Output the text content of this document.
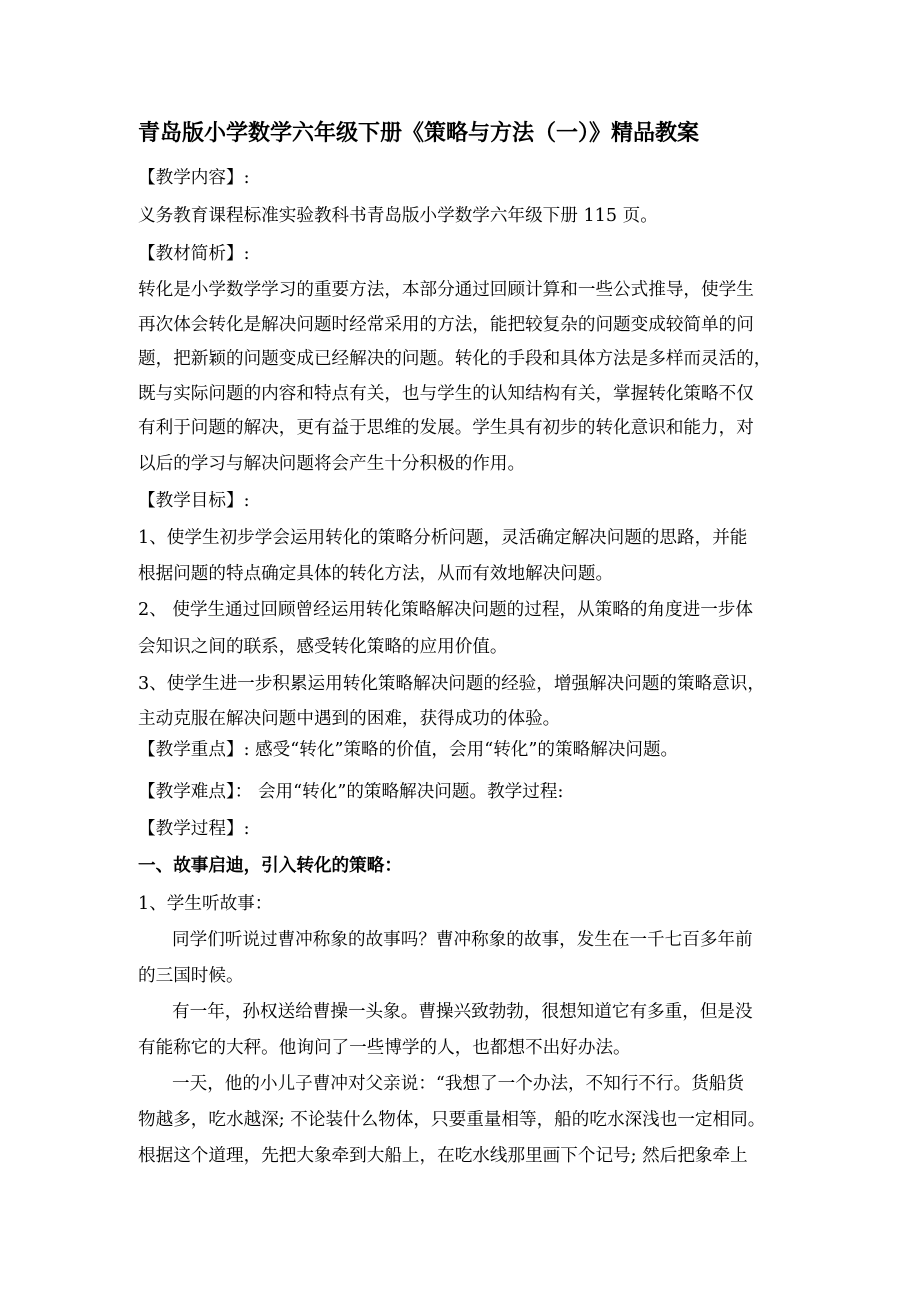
青岛版小学数学六年级下册《策略与方法（一）》精品教案
【教学内容】:
义务教育课程标准实验教科书青岛版小学数学六年级下册 115 页。
【教材简析】:
转化是小学数学学习的重要方法，本部分通过回顾计算和一些公式推导，使学生
再次体会转化是解决问题时经常采用的方法，能把较复杂的问题变成较简单的问
题，把新颖的问题变成已经解决的问题。转化的手段和具体方法是多样而灵活的，
既与实际问题的内容和特点有关，也与学生的认知结构有关，掌握转化策略不仅
有利于问题的解决，更有益于思维的发展。学生具有初步的转化意识和能力，对
以后的学习与解决问题将会产生十分积极的作用。
【教学目标】:
1、使学生初步学会运用转化的策略分析问题，灵活确定解决问题的思路，并能
根据问题的特点确定具体的转化方法，从而有效地解决问题。
2、 使学生通过回顾曾经运用转化策略解决问题的过程，从策略的角度进一步体
会知识之间的联系，感受转化策略的应用价值。
3、使学生进一步积累运用转化策略解决问题的经验，增强解决问题的策略意识，
主动克服在解决问题中遇到的困难，获得成功的体验。
【教学重点】: 感受“转化”策略的价值，会用“转化”的策略解决问题。
【教学难点】： 会用“转化”的策略解决问题。教学过程:
【教学过程】:
一、故事启迪，引入转化的策略：
1、学生听故事：
同学们听说过曹冲称象的故事吗？曹冲称象的故事，发生在一千七百多年前
的三国时候。
有一年，孙权送给曹操一头象。曹操兴致勃勃，很想知道它有多重，但是没
有能称它的大秤。他询问了一些博学的人，也都想不出好办法。
一天，他的小儿子曹冲对父亲说：“我想了一个办法，不知行不行。货船货
物越多，吃水越深; 不论装什么物体，只要重量相等，船的吃水深浅也一定相同。
根据这个道理，先把大象牵到大船上，在吃水线那里画下个记号; 然后把象牵上
